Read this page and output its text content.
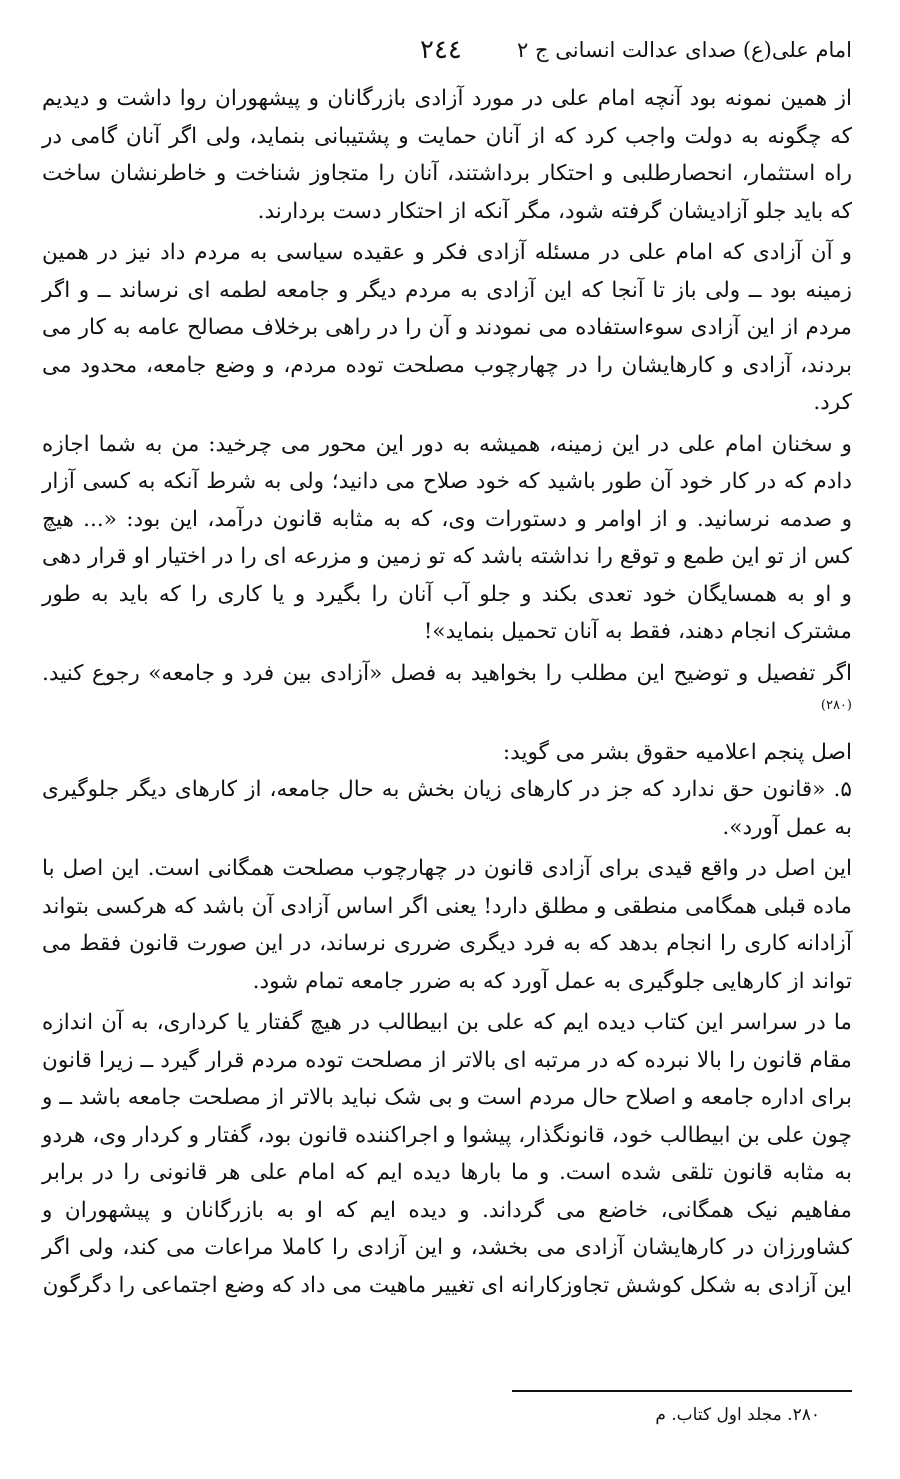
امام علی(ع) صدای عدالت انسانی ج ۲
۲٤٤

از همین نمونه بود آنچه امام علی در مورد آزادی بازرگانان و پیشهوران روا داشت و دیدیم که چگونه به دولت واجب کرد که از آنان حمایت و پشتیبانی بنماید، ولی اگر آنان گامی در راه استثمار، انحصارطلبی و احتکار برداشتند، آنان را متجاوز شناخت و خاطرنشان ساخت که باید جلو آزادیشان گرفته شود، مگر آنکه از احتکار دست بردارند.

و آن آزادی که امام علی در مسئله آزادی فکر و عقیده سیاسی به مردم داد نیز در همین زمینه بود ــ ولی باز تا آنجا که این آزادی به مردم دیگر و جامعه لطمه ای نرساند ــ و اگر مردم از این آزادی سوءاستفاده می نمودند و آن را در راهی برخلاف مصالح عامه به کار می بردند، آزادی و کارهایشان را در چهارچوب مصلحت توده مردم، و وضع جامعه، محدود می کرد.

و سخنان امام علی در این زمینه، همیشه به دور این محور می چرخید: من به شما اجازه دادم که در کار خود آن طور باشید که خود صلاح می دانید؛ ولی به شرط آنکه به کسی آزار و صدمه نرسانید. و از اوامر و دستورات وی، که به مثابه قانون درآمد، این بود: «... هیچ کس از تو این طمع و توقع را نداشته باشد که تو زمین و مزرعه ای را در اختیار او قرار دهی و او به همسایگان خود تعدی بکند و جلو آب آنان را بگیرد و یا کاری را که باید به طور مشترک انجام دهند، فقط به آنان تحمیل بنماید»!

اگر تفصیل و توضیح این مطلب را بخواهید به فصل «آزادی بین فرد و جامعه» رجوع کنید.$^{(۲۸۰)}$

اصل پنجم اعلامیه حقوق بشر می گوید:

۵. «قانون حق ندارد که جز در کارهای زیان بخش به حال جامعه، از کارهای دیگر جلوگیری به عمل آورد».

این اصل در واقع قیدی برای آزادی قانون در چهارچوب مصلحت همگانی است. این اصل با ماده قبلی همگامی منطقی و مطلق دارد! یعنی اگر اساس آزادی آن باشد که هرکسی بتواند آزادانه کاری را انجام بدهد که به فرد دیگری ضرری نرساند، در این صورت قانون فقط می تواند از کارهایی جلوگیری به عمل آورد که به ضرر جامعه تمام شود.

ما در سراسر این کتاب دیده ایم که علی بن ابیطالب در هیچ گفتار یا کرداری، به آن اندازه مقام قانون را بالا نبرده که در مرتبه ای بالاتر از مصلحت توده مردم قرار گیرد ــ زیرا قانون برای اداره جامعه و اصلاح حال مردم است و بی شک نباید بالاتر از مصلحت جامعه باشد ــ و چون علی بن ابیطالب خود، قانونگذار، پیشوا و اجراکننده قانون بود، گفتار و کردار وی، هردو به مثابه قانون تلقی شده است. و ما بارها دیده ایم که امام علی هر قانونی را در برابر مفاهیم نیک همگانی، خاضع می گرداند. و دیده ایم که او به بازرگانان و پیشهوران و کشاورزان در کارهایشان آزادی می بخشد، و این آزادی را کاملا مراعات می کند، ولی اگر این آزادی به شکل کوشش تجاوزکارانه ای تغییر ماهیت می داد که وضع اجتماعی را دگرگون

۲۸۰. مجلد اول کتاب. م
